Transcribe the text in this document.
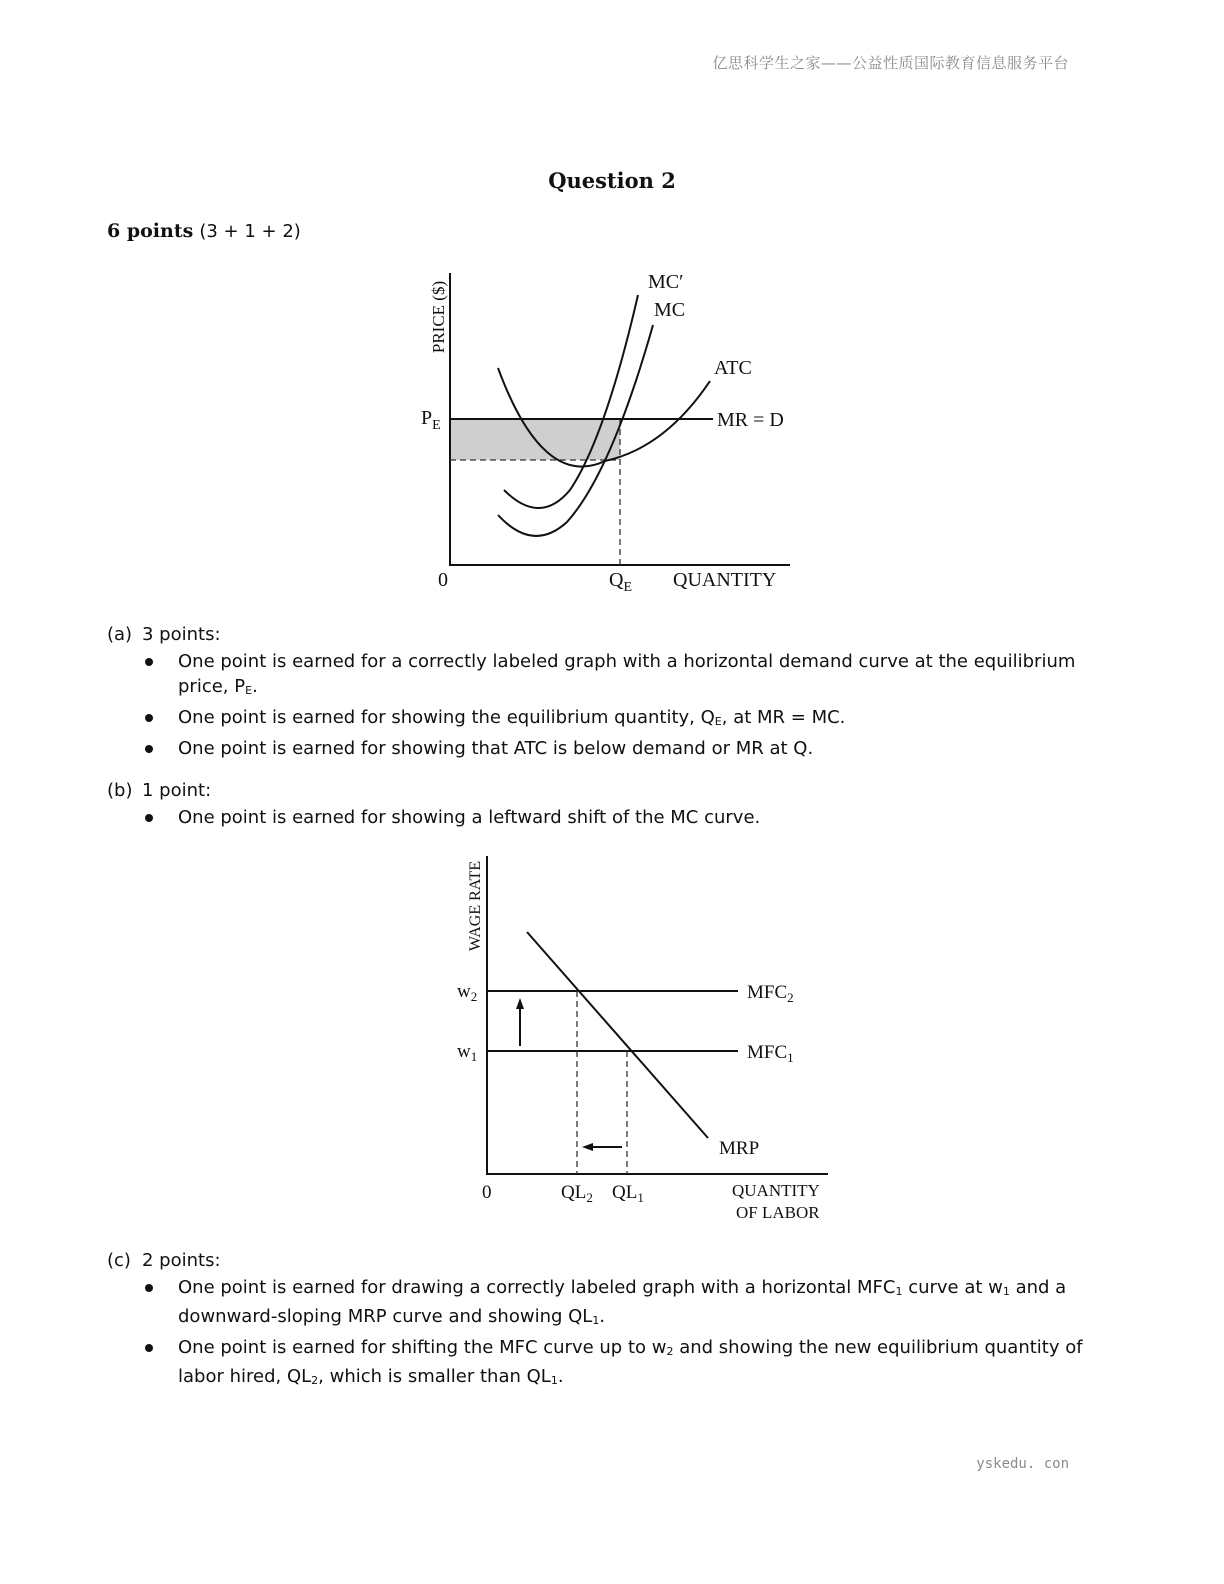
亿思科学生之家——公益性质国际教育信息服务平台
Question 2
6 points (3 + 1 + 2)
PRICE ($)
$P_E$
0	$Q_E$ QUANTITY
MC′
MC
ATC
MR = D
(a) 3 points:
One point is earned for a correctly labeled graph with a horizontal demand curve at the equilibrium price, PE.
One point is earned for showing the equilibrium quantity, QE, at MR = MC.
One point is earned for showing that ATC is below demand or MR at Q.
(b) 1 point:
One point is earned for showing a leftward shift of the MC curve.
WAGE RATE
$w_2$
$w_1$
$MFC_2$
$MFC_1$
MRP
0	$QL_2$ $QL_1$	QUANTITY
OF LABOR
(c) 2 points:
One point is earned for drawing a correctly labeled graph with a horizontal MFC1 curve at w1 and a downward-sloping MRP curve and showing QL1.
One point is earned for shifting the MFC curve up to w2 and showing the new equilibrium quantity of labor hired, QL2, which is smaller than QL1.
yskedu. con
